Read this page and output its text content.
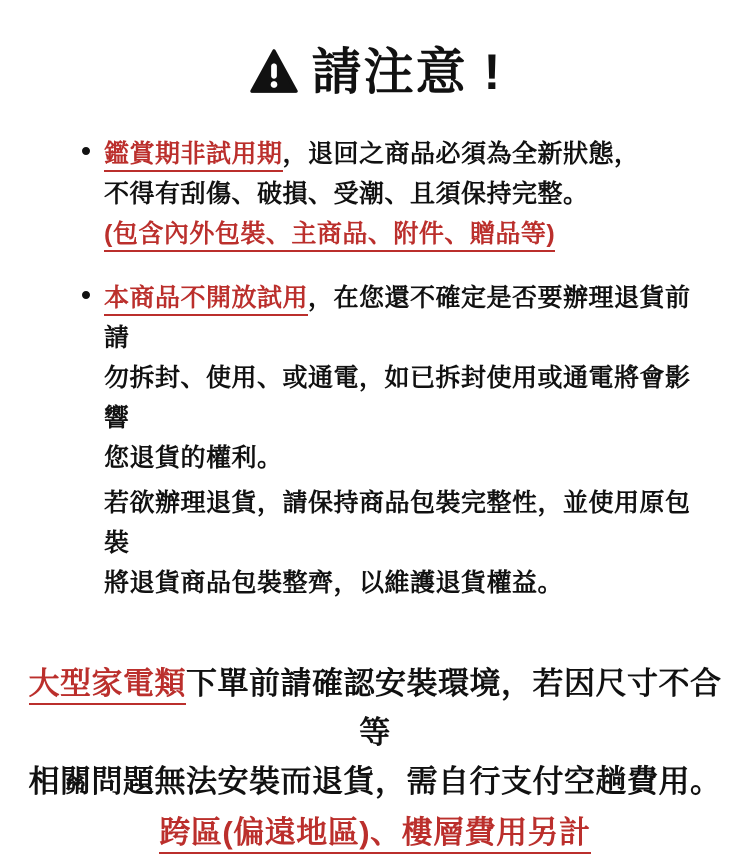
請注意 !
鑑賞期非試用期，退回之商品必須為全新狀態，
不得有刮傷、破損、受潮、且須保持完整。
(包含內外包裝、主商品、附件、贈品等)
本商品不開放試用，在您還不確定是否要辦理退貨前請
勿拆封、使用、或通電，如已拆封使用或通電將會影響
您退貨的權利。
若欲辦理退貨，請保持商品包裝完整性，並使用原包裝
將退貨商品包裝整齊，以維護退貨權益。
大型家電類下單前請確認安裝環境，若因尺寸不合等
相關問題無法安裝而退貨，需自行支付空趟費用。
跨區(偏遠地區)、樓層費用另計
